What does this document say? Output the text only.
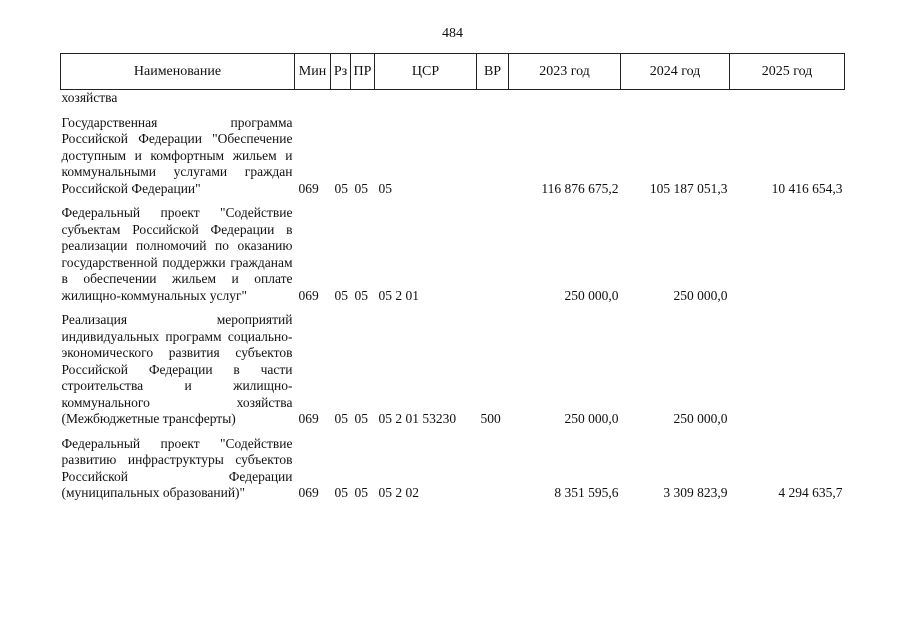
484
Наименование	Мин	Рз	ПР	ЦСР	ВР	2023 год	2024 год	2025 год
хозяйства								

Государственная программа Российской Федерации "Обеспечение доступным и комфортным жильем и коммунальными услугами граждан Российской Федерации"	069	05	05	05		116 876 675,2	105 187 051,3	10 416 654,3

Федеральный проект "Содействие субъектам Российской Федерации в реализации полномочий по оказанию государственной поддержки гражданам в обеспечении жильем и оплате жилищно-коммунальных услуг"	069	05	05	05 2 01		250 000,0	250 000,0	

Реализация мероприятий индивидуальных программ социально-экономического развития субъектов Российской Федерации в части строительства и жилищно-коммунального хозяйства (Межбюджетные трансферты)	069	05	05	05 2 01 53230	500	250 000,0	250 000,0	

Федеральный проект "Содействие развитию инфраструктуры субъектов Российской Федерации (муниципальных образований)"	069	05	05	05 2 02		8 351 595,6	3 309 823,9	4 294 635,7
